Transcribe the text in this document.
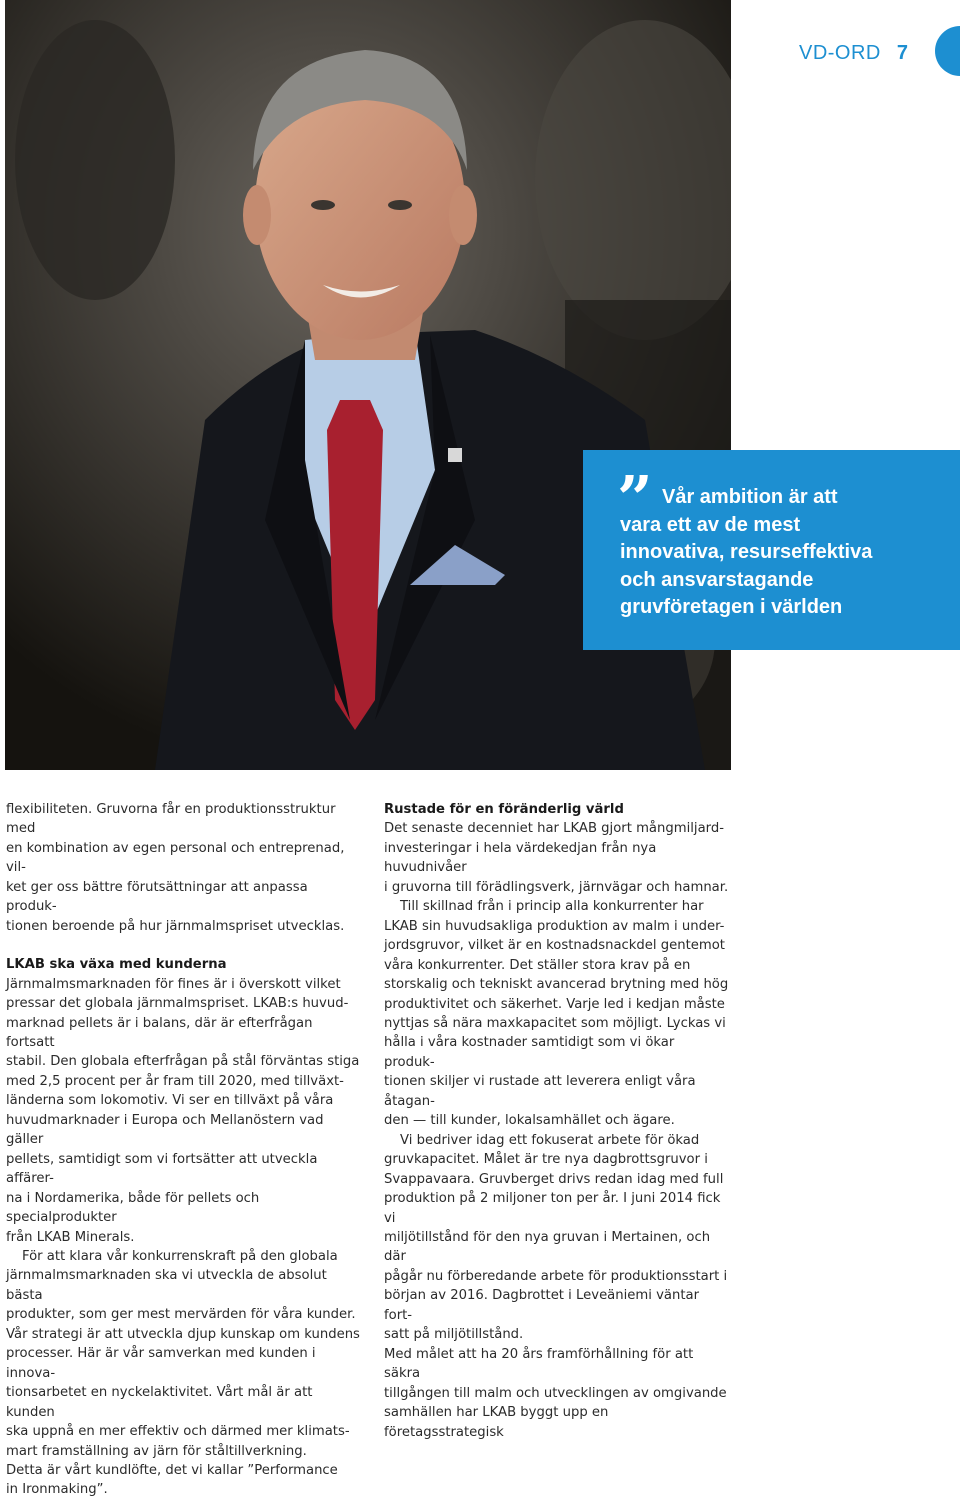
VD-ORD 7
” Vår ambition är att
vara ett av de mest
innovativa, resurseffektiva
och ansvarstagande
gruvföretagen i världen

flexibiliteten. Gruvorna får en produktionsstruktur med
en kombination av egen personal och entreprenad, vil-
ket ger oss bättre förutsättningar att anpassa produk-
tionen beroende på hur järnmalmspriset utvecklas.

LKAB ska växa med kunderna

Järnmalmsmarknaden för fines är i överskott vilket
pressar det globala järnmalmspriset. LKAB:s huvud-
marknad pellets är i balans, där är efterfrågan fortsatt
stabil. Den globala efterfrågan på stål förväntas stiga
med 2,5 procent per år fram till 2020, med tillväxt-
länderna som lokomotiv. Vi ser en tillväxt på våra
huvudmarknader i Europa och Mellanöstern vad gäller
pellets, samtidigt som vi fortsätter att utveckla affärer-
na i Nordamerika, både för pellets och specialprodukter
från LKAB Minerals.

För att klara vår konkurrenskraft på den globala
järnmalmsmarknaden ska vi utveckla de absolut bästa
produkter, som ger mest mervärden för våra kunder.
Vår strategi är att utveckla djup kunskap om kundens
processer. Här är vår samverkan med kunden i innova-
tionsarbetet en nyckelaktivitet. Vårt mål är att kunden
ska uppnå en mer effektiv och därmed mer klimats-
mart framställning av järn för ståltillverkning.
Detta är vårt kundlöfte, det vi kallar ”Performance
in Ironmaking”.

Rustade för en föränderlig värld

Det senaste decenniet har LKAB gjort mångmiljard-
investeringar i hela värdekedjan från nya huvudnivåer
i gruvorna till förädlingsverk, järnvägar och hamnar.

Till skillnad från i princip alla konkurrenter har
LKAB sin huvudsakliga produktion av malm i under-
jordsgruvor, vilket är en kostnadsnackdel gentemot
våra konkurrenter. Det ställer stora krav på en
storskalig och tekniskt avancerad brytning med hög
produktivitet och säkerhet. Varje led i kedjan måste
nyttjas så nära maxkapacitet som möjligt. Lyckas vi
hålla i våra kostnader samtidigt som vi ökar produk-
tionen skiljer vi rustade att leverera enligt våra åtagan-
den — till kunder, lokalsamhället och ägare.

Vi bedriver idag ett fokuserat arbete för ökad
gruvkapacitet. Målet är tre nya dagbrottsgruvor i
Svappavaara. Gruvberget drivs redan idag med full
produktion på 2 miljoner ton per år. I juni 2014 fick vi
miljötillstånd för den nya gruvan i Mertainen, och där
pågår nu förberedande arbete för produktionsstart i
början av 2016. Dagbrottet i Leveäniemi väntar fort-
satt på miljötillstånd.
Med målet att ha 20 års framförhållning för att säkra
tillgången till malm och utvecklingen av omgivande
samhällen har LKAB byggt upp en företagsstrategisk
